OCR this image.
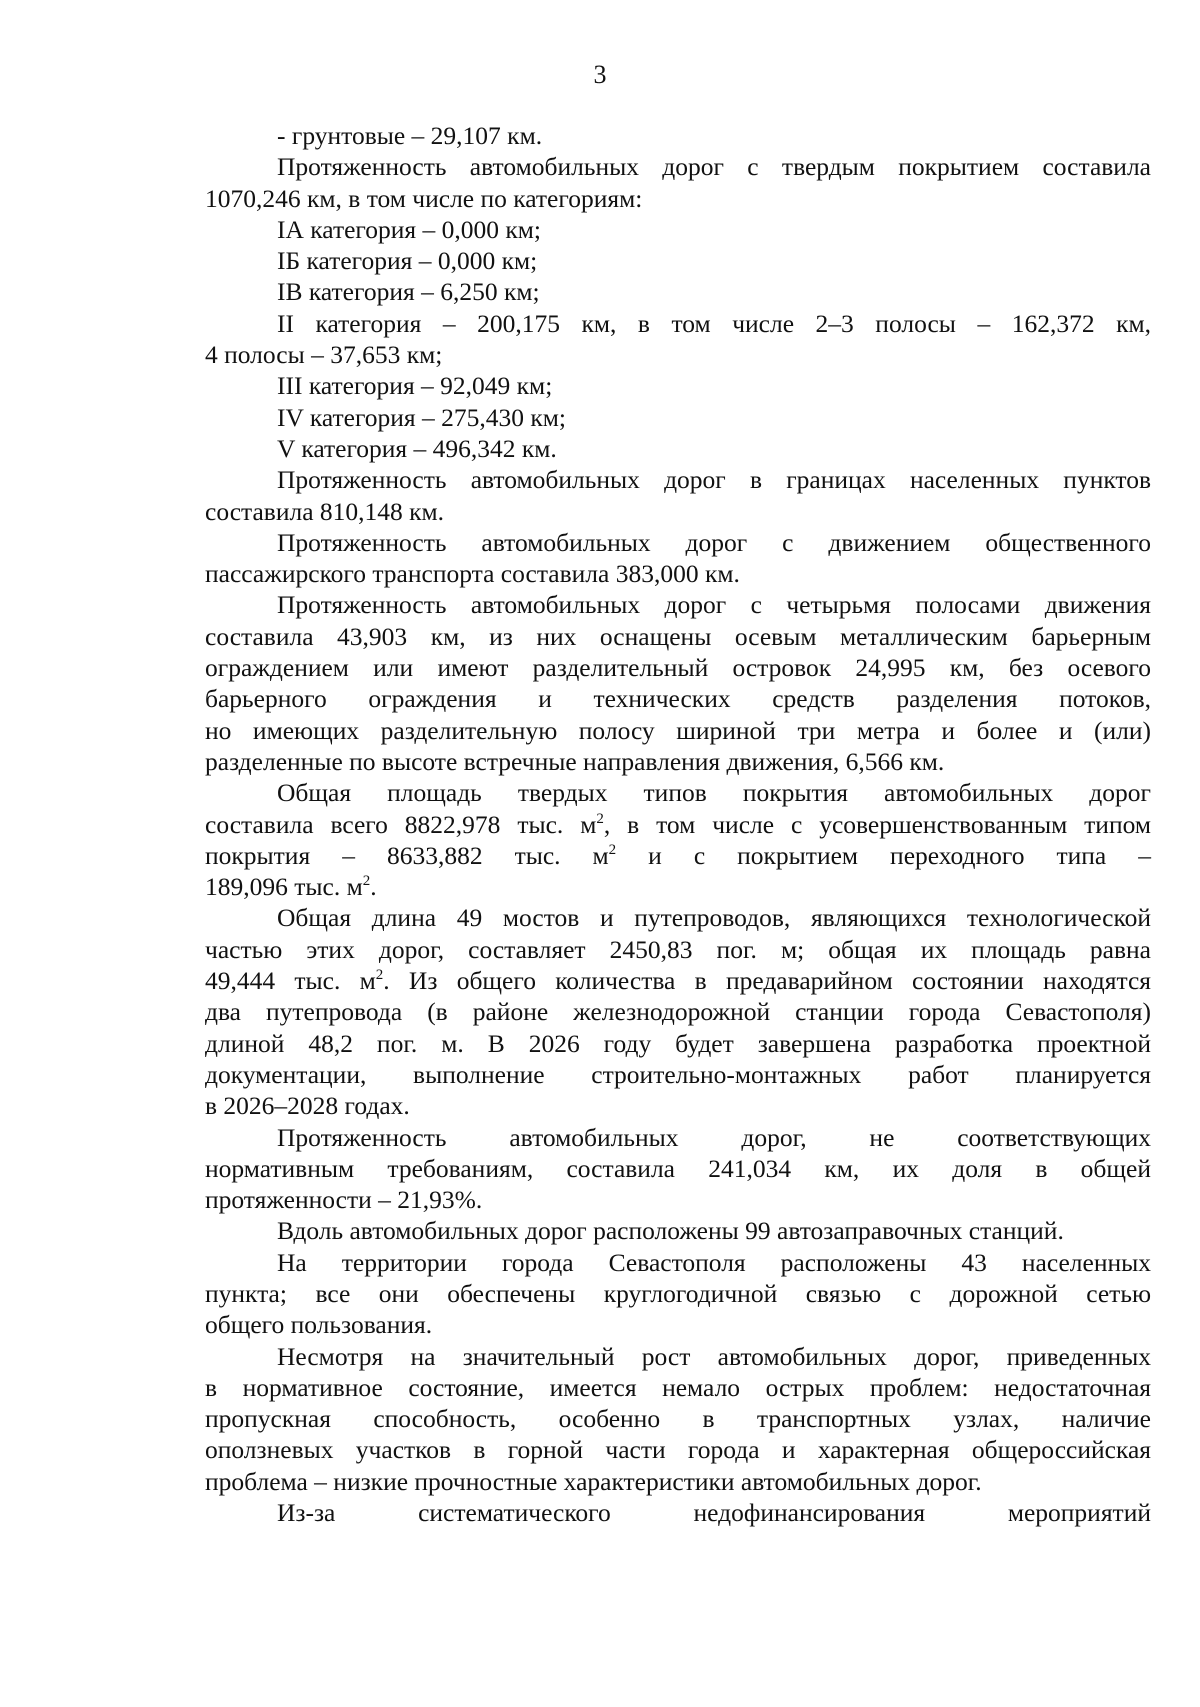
3
- грунтовые – 29,107 км.
Протяженность автомобильных дорог с твердым покрытием составила
1070,246 км, в том числе по категориям:
IА категория – 0,000 км;
IБ категория – 0,000 км;
IВ категория – 6,250 км;
II категория – 200,175 км, в том числе 2–3 полосы – 162,372 км,
4 полосы – 37,653 км;
III категория – 92,049 км;
IV категория – 275,430 км;
V категория – 496,342 км.
Протяженность автомобильных дорог в границах населенных пунктов
составила 810,148 км.
Протяженность автомобильных дорог с движением общественного
пассажирского транспорта составила 383,000 км.
Протяженность автомобильных дорог с четырьмя полосами движения
составила 43,903 км, из них оснащены осевым металлическим барьерным
ограждением или имеют разделительный островок 24,995 км, без осевого
барьерного ограждения и технических средств разделения потоков,
но имеющих разделительную полосу шириной три метра и более и (или)
разделенные по высоте встречные направления движения, 6,566 км.
Общая площадь твердых типов покрытия автомобильных дорог
составила всего 8822,978 тыс. $м^2$, в том числе с усовершенствованным типом
покрытия – 8633,882 тыс. $м^2$ и с покрытием переходного типа –
189,096 тыс. $м^2$.
Общая длина 49 мостов и путепроводов, являющихся технологической
частью этих дорог, составляет 2450,83 пог. м; общая их площадь равна
49,444 тыс. $м^2$. Из общего количества в предаварийном состоянии находятся
два путепровода (в районе железнодорожной станции города Севастополя)
длиной 48,2 пог. м. В 2026 году будет завершена разработка проектной
документации, выполнение строительно-монтажных работ планируется
в 2026–2028 годах.
Протяженность автомобильных дорог, не соответствующих
нормативным требованиям, составила 241,034 км, их доля в общей
протяженности – 21,93%.
Вдоль автомобильных дорог расположены 99 автозаправочных станций.
На территории города Севастополя расположены 43 населенных
пункта; все они обеспечены круглогодичной связью с дорожной сетью
общего пользования.
Несмотря на значительный рост автомобильных дорог, приведенных
в нормативное состояние, имеется немало острых проблем: недостаточная
пропускная способность, особенно в транспортных узлах, наличие
оползневых участков в горной части города и характерная общероссийская
проблема – низкие прочностные характеристики автомобильных дорог.
Из-за систематического недофинансирования мероприятий
